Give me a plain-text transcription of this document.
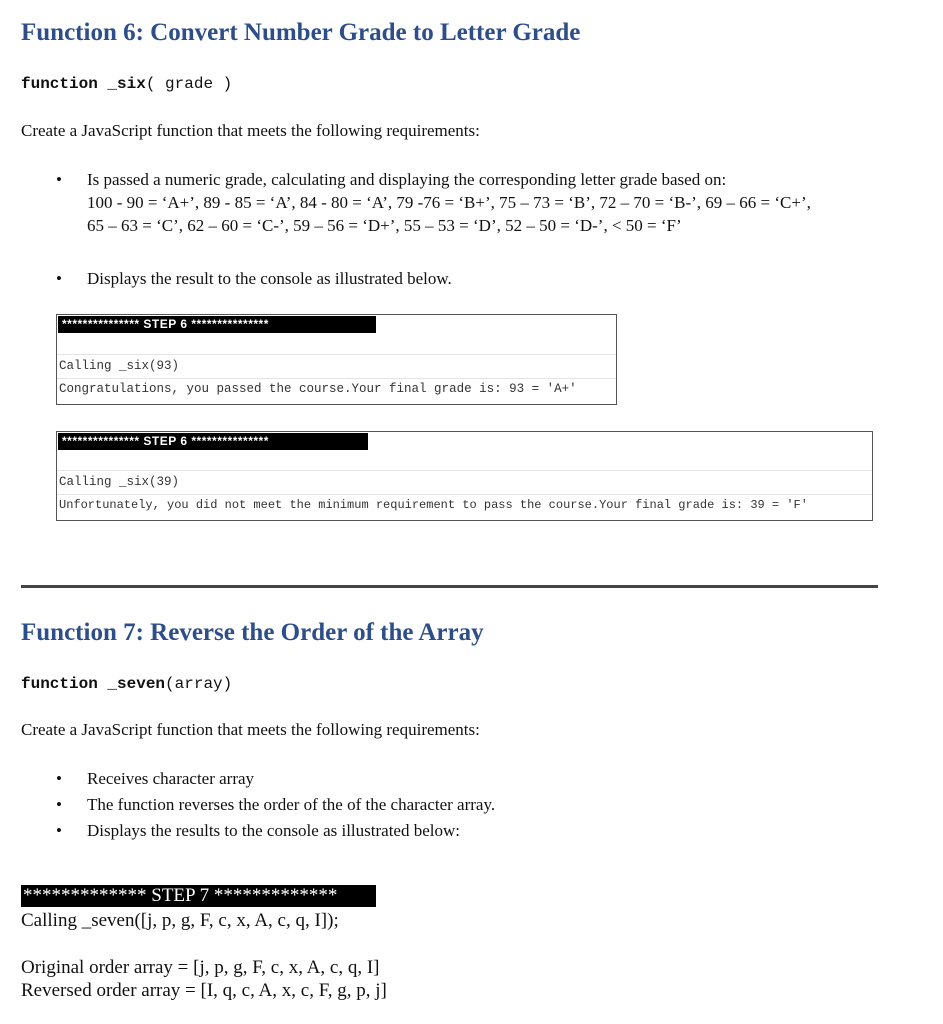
Function 6: Convert Number Grade to Letter Grade
function _six( grade )
Create a JavaScript function that meets the following requirements:
• Is passed a numeric grade, calculating and displaying the corresponding letter grade based on:
100 - 90 = ‘A+’, 89 - 85 = ‘A’, 84 - 80 = ‘A’, 79 -76 = ‘B+’, 75 – 73 = ‘B’, 72 – 70 = ‘B-’, 69 – 66 = ‘C+’,
65 – 63 = ‘C’, 62 – 60 = ‘C-’, 59 – 56 = ‘D+’, 55 – 53 = ‘D’, 52 – 50 = ‘D-’, < 50 = ‘F’
• Displays the result to the console as illustrated below.
*************** STEP 6 ***************
Calling _six(93)
Congratulations, you passed the course.Your final grade is: 93 = 'A+'
*************** STEP 6 ***************
Calling _six(39)
Unfortunately, you did not meet the minimum requirement to pass the course.Your final grade is: 39 = 'F'
Function 7: Reverse the Order of the Array
function _seven(array)
Create a JavaScript function that meets the following requirements:
• Receives character array
• The function reverses the order of the of the character array.
• Displays the results to the console as illustrated below:
************* STEP 7 *************
Calling _seven([j, p, g, F, c, x, A, c, q, I]);
Original order array = [j, p, g, F, c, x, A, c, q, I]
Reversed order array = [I, q, c, A, x, c, F, g, p, j]
